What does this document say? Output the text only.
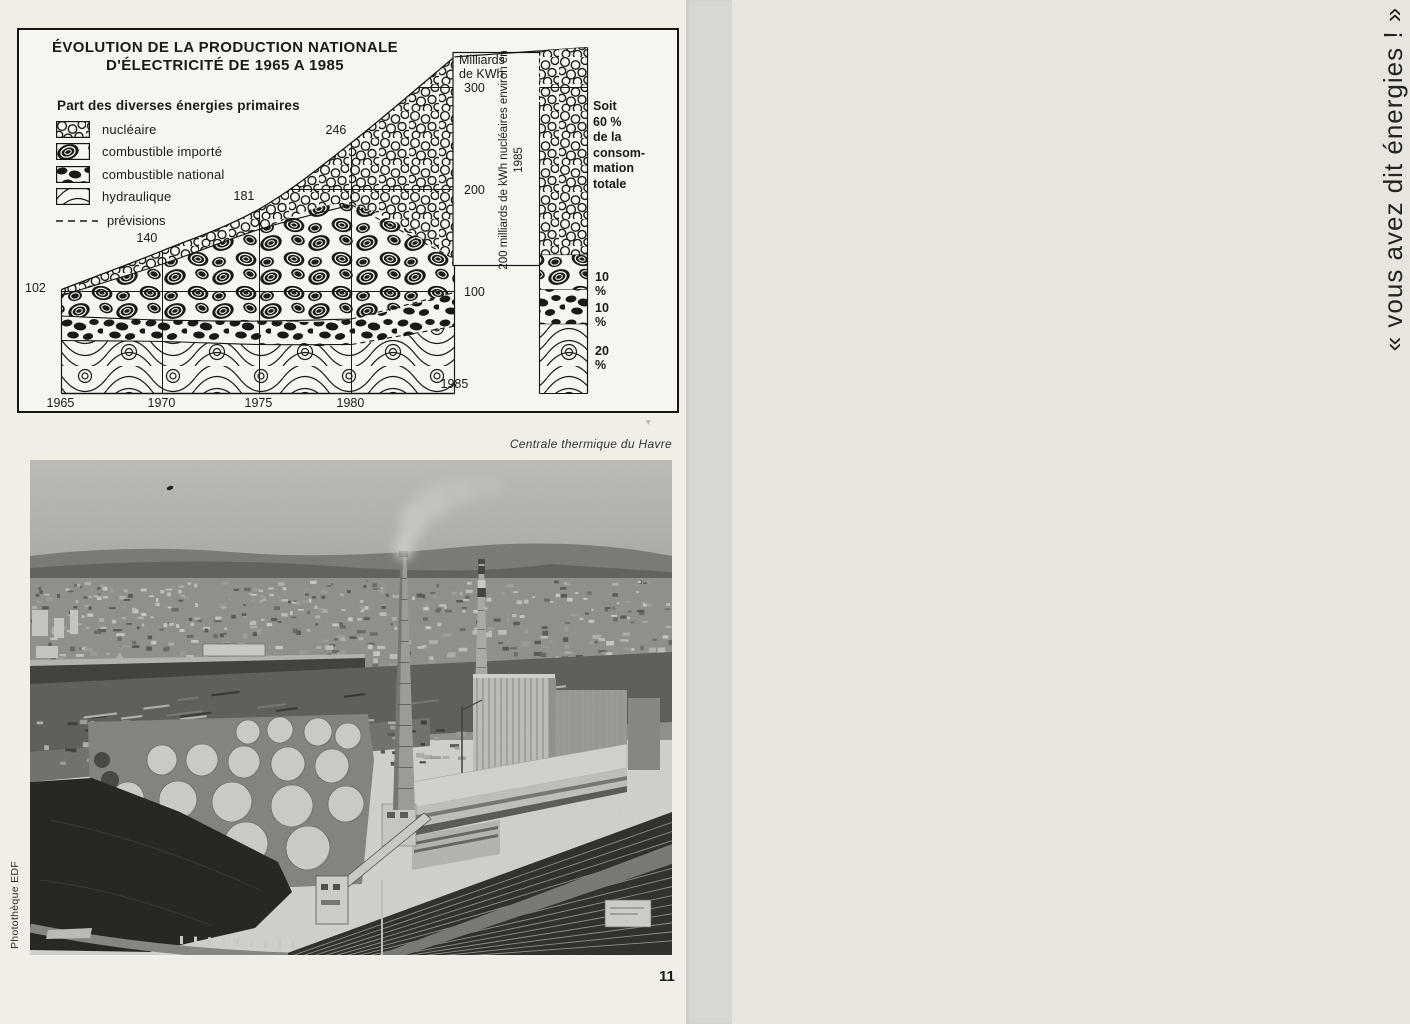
« vous avez dit énergies ! »
ÉVOLUTION DE LA PRODUCTION NATIONALE
D'ÉLECTRICITÉ DE 1965 A 1985
Part des diverses énergies primaires
nucléaire
combustible importé
combustible national
hydraulique
prévisions
Milliards
de KWh
200 milliards de kWh nucléaires environ en 1985
Soit
60 %
de la
consom-
mation
totale
102
140
181
246
300
200
100
1965	1970	1975	1980
1985
10 %
10 %
20 %
▾
Centrale thermique du Havre
Photothèque EDF
11
